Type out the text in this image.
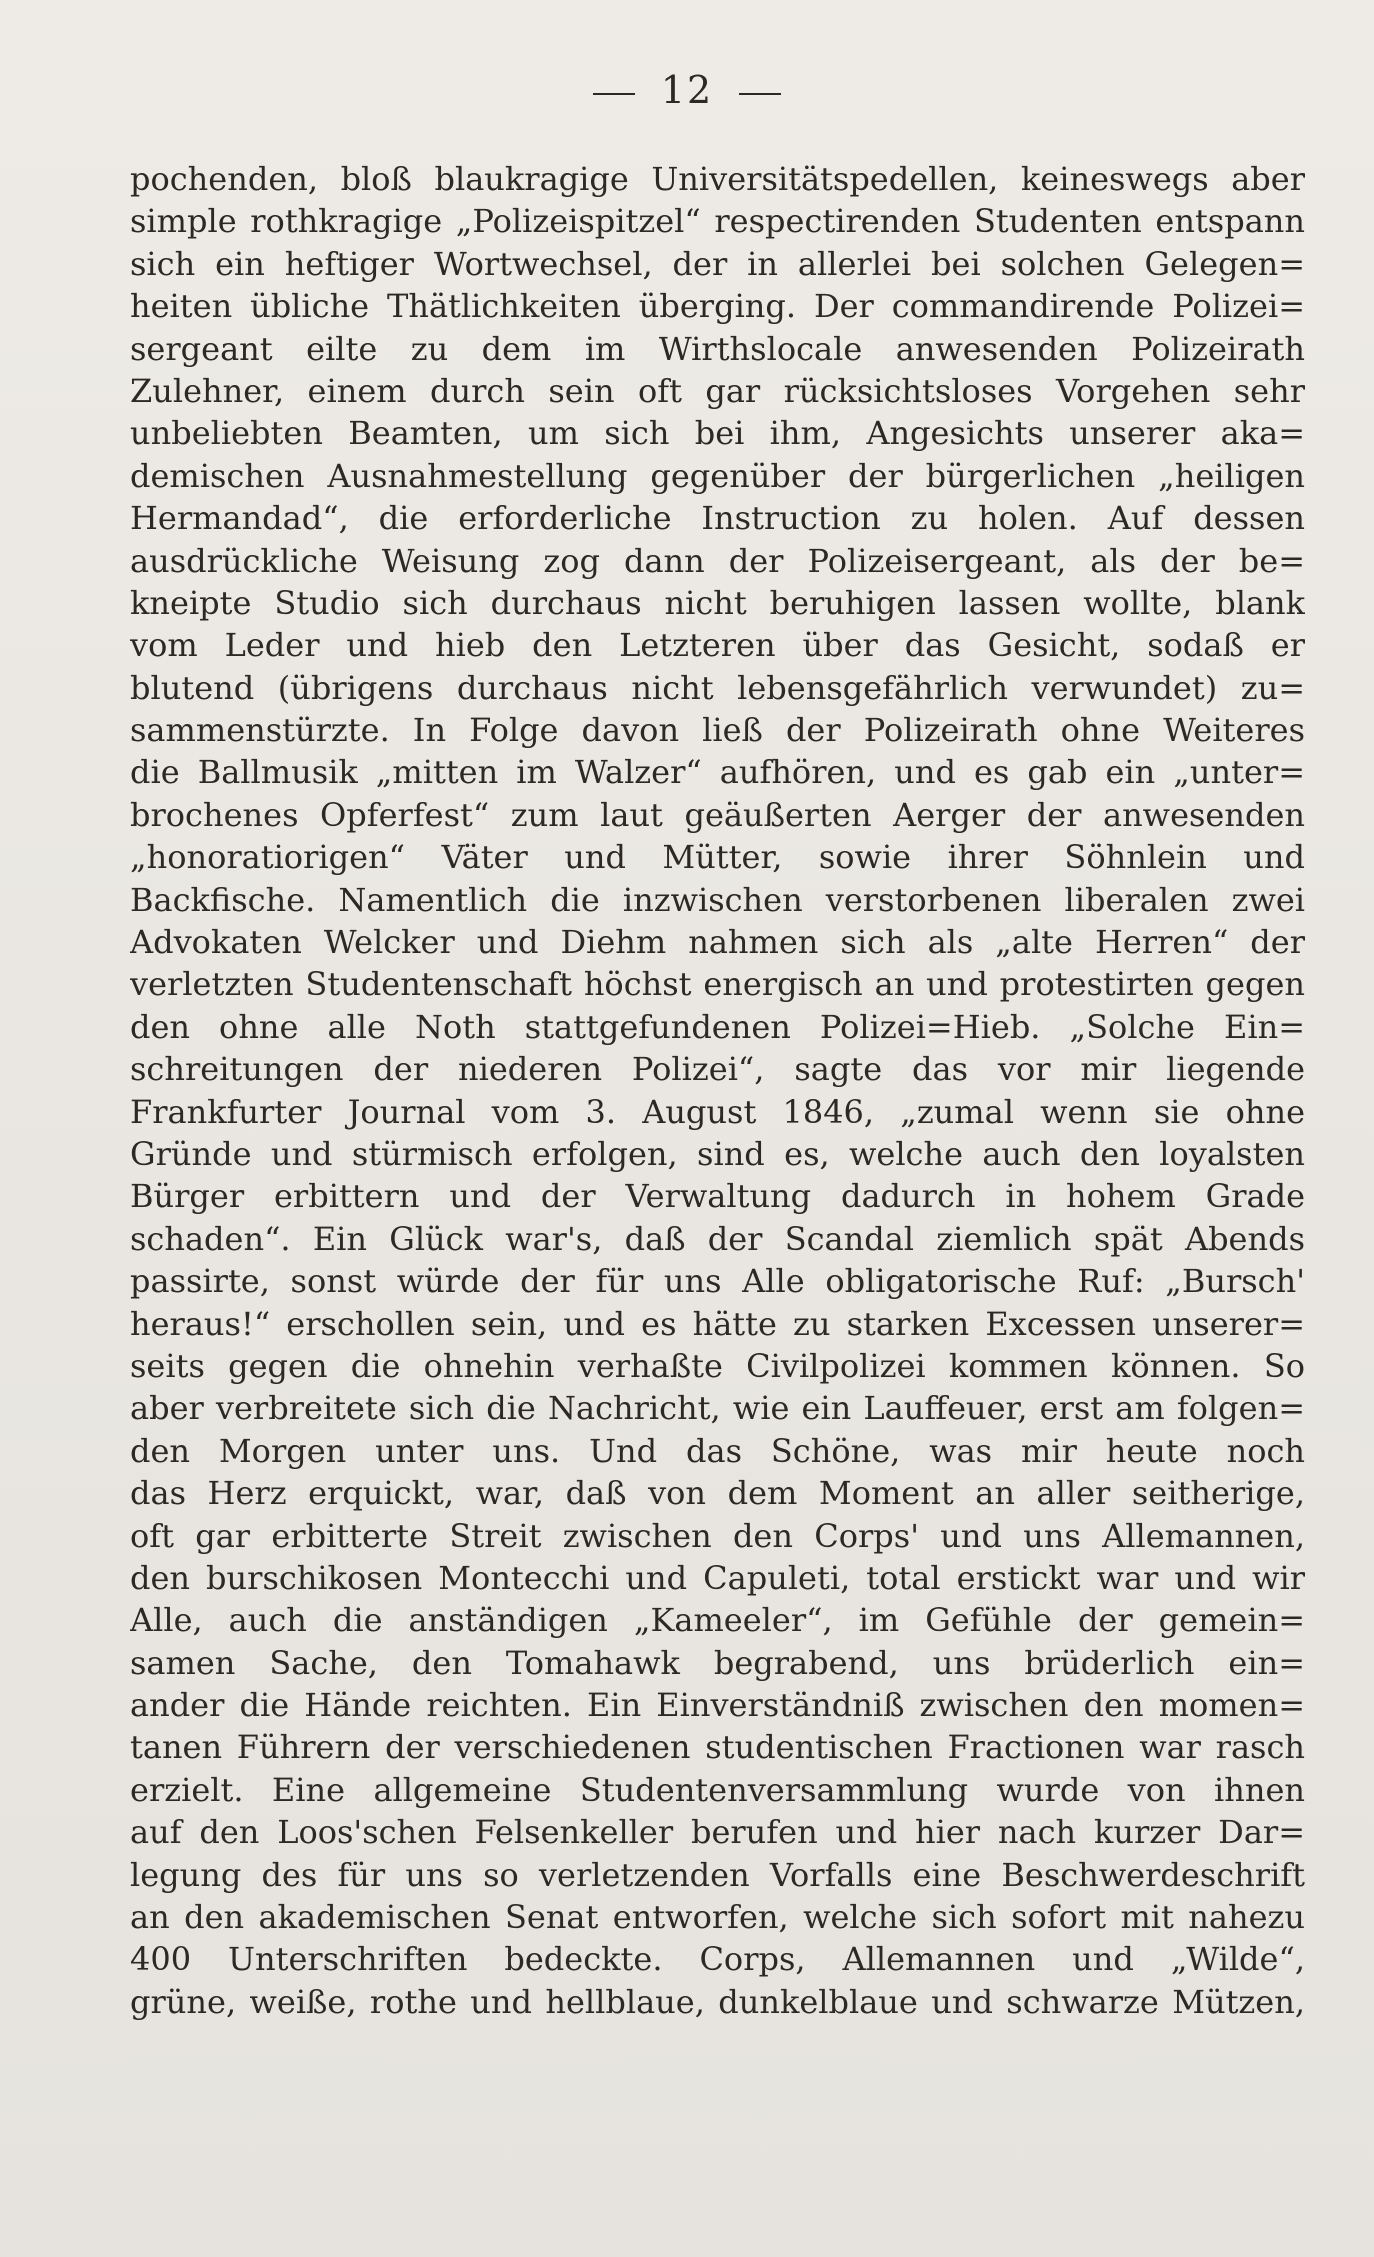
12
pochenden, bloß blaukragige Universitätspedellen, keineswegs aber
simple rothkragige „Polizeispitzel“ respectirenden Studenten entspann
sich ein heftiger Wortwechsel, der in allerlei bei solchen Gelegen=
heiten übliche Thätlichkeiten überging. Der commandirende Polizei=
sergeant eilte zu dem im Wirthslocale anwesenden Polizeirath
Zulehner, einem durch sein oft gar rücksichtsloses Vorgehen sehr
unbeliebten Beamten, um sich bei ihm, Angesichts unserer aka=
demischen Ausnahmestellung gegenüber der bürgerlichen „heiligen
Hermandad“, die erforderliche Instruction zu holen. Auf dessen
ausdrückliche Weisung zog dann der Polizeisergeant, als der be=
kneipte Studio sich durchaus nicht beruhigen lassen wollte, blank
vom Leder und hieb den Letzteren über das Gesicht, sodaß er
blutend (übrigens durchaus nicht lebensgefährlich verwundet) zu=
sammenstürzte. In Folge davon ließ der Polizeirath ohne Weiteres
die Ballmusik „mitten im Walzer“ aufhören, und es gab ein „unter=
brochenes Opferfest“ zum laut geäußerten Aerger der anwesenden
„honoratiorigen“ Väter und Mütter, sowie ihrer Söhnlein und
Backfische. Namentlich die inzwischen verstorbenen liberalen zwei
Advokaten Welcker und Diehm nahmen sich als „alte Herren“ der
verletzten Studentenschaft höchst energisch an und protestirten gegen
den ohne alle Noth stattgefundenen Polizei=Hieb. „Solche Ein=
schreitungen der niederen Polizei“, sagte das vor mir liegende
Frankfurter Journal vom 3. August 1846, „zumal wenn sie ohne
Gründe und stürmisch erfolgen, sind es, welche auch den loyalsten
Bürger erbittern und der Verwaltung dadurch in hohem Grade
schaden“. Ein Glück war's, daß der Scandal ziemlich spät Abends
passirte, sonst würde der für uns Alle obligatorische Ruf: „Bursch'
heraus!“ erschollen sein, und es hätte zu starken Excessen unserer=
seits gegen die ohnehin verhaßte Civilpolizei kommen können. So
aber verbreitete sich die Nachricht, wie ein Lauffeuer, erst am folgen=
den Morgen unter uns. Und das Schöne, was mir heute noch
das Herz erquickt, war, daß von dem Moment an aller seitherige,
oft gar erbitterte Streit zwischen den Corps' und uns Allemannen,
den burschikosen Montecchi und Capuleti, total erstickt war und wir
Alle, auch die anständigen „Kameeler“, im Gefühle der gemein=
samen Sache, den Tomahawk begrabend, uns brüderlich ein=
ander die Hände reichten. Ein Einverständniß zwischen den momen=
tanen Führern der verschiedenen studentischen Fractionen war rasch
erzielt. Eine allgemeine Studentenversammlung wurde von ihnen
auf den Loos'schen Felsenkeller berufen und hier nach kurzer Dar=
legung des für uns so verletzenden Vorfalls eine Beschwerdeschrift
an den akademischen Senat entworfen, welche sich sofort mit nahezu
400 Unterschriften bedeckte. Corps, Allemannen und „Wilde“,
grüne, weiße, rothe und hellblaue, dunkelblaue und schwarze Mützen,
